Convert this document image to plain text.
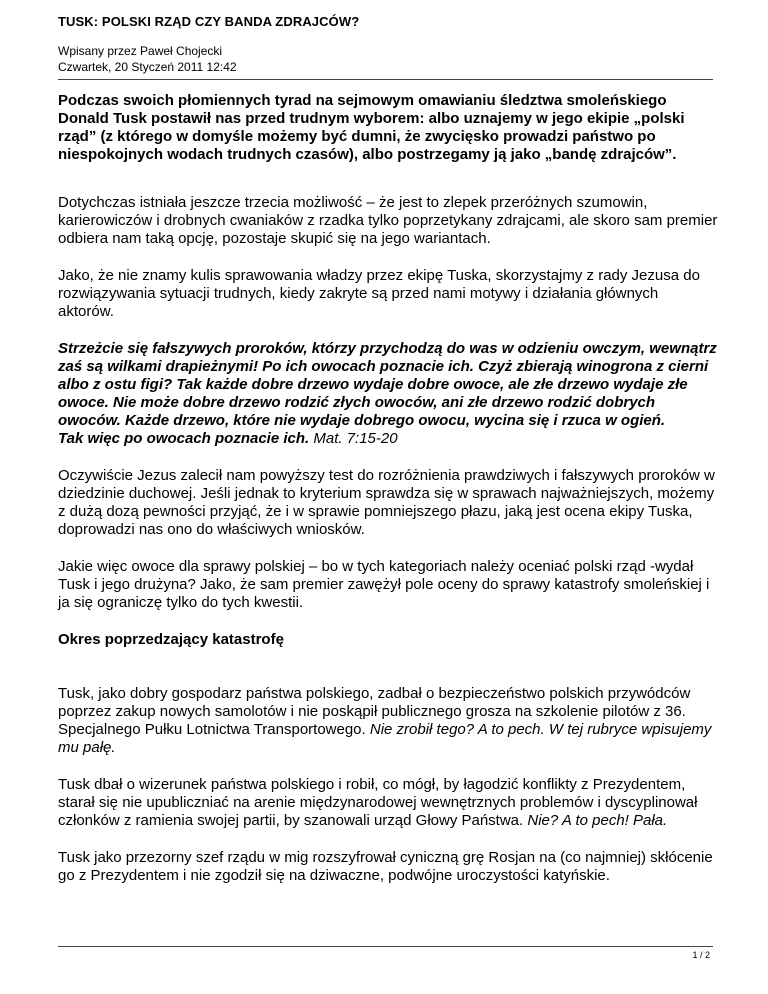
TUSK: POLSKI RZĄD CZY BANDA ZDRAJCÓW?
Wpisany przez Paweł Chojecki
Czwartek, 20 Styczeń 2011 12:42

Podczas swoich płomiennych tyrad na sejmowym omawianiu śledztwa smoleńskiego Donald Tusk postawił nas przed trudnym wyborem: albo uznajemy w jego ekipie „polski rząd” (z którego w domyśle możemy być dumni, że zwycięsko prowadzi państwo po niespokojnych wodach trudnych czasów), albo postrzegamy ją jako „bandę zdrajców”.

Dotychczas istniała jeszcze trzecia możliwość – że jest to zlepek przeróżnych szumowin, karierowiczów i drobnych cwaniaków z rzadka tylko poprzetykany zdrajcami, ale skoro sam premier odbiera nam taką opcję, pozostaje skupić się na jego wariantach.

Jako, że nie znamy kulis sprawowania władzy przez ekipę Tuska, skorzystajmy z rady Jezusa do rozwiązywania sytuacji trudnych, kiedy zakryte są przed nami motywy i działania głównych aktorów.

Strzeżcie się fałszywych proroków, którzy przychodzą do was w odzieniu owczym, wewnątrz zaś są wilkami drapieżnymi! Po ich owocach poznacie ich. Czyż zbierają winogrona z cierni albo z ostu figi? Tak każde dobre drzewo wydaje dobre owoce, ale złe drzewo wydaje złe owoce. Nie może dobre drzewo rodzić złych owoców, ani złe drzewo rodzić dobrych owoców. Każde drzewo, które nie wydaje dobrego owocu, wycina się i rzuca w ogień.
Tak więc po owocach poznacie ich. Mat. 7:15-20

Oczywiście Jezus zalecił nam powyższy test do rozróżnienia prawdziwych i fałszywych proroków w dziedzinie duchowej. Jeśli jednak to kryterium sprawdza się w sprawach najważniejszych, możemy z dużą dozą pewności przyjąć, że i w sprawie pomniejszego płazu, jaką jest ocena ekipy Tuska, doprowadzi nas ono do właściwych wniosków.

Jakie więc owoce dla sprawy polskiej – bo w tych kategoriach należy oceniać polski rząd -wydał Tusk i jego drużyna? Jako, że sam premier zawężył pole oceny do sprawy katastrofy smoleńskiej i ja się ograniczę tylko do tych kwestii.

Okres poprzedzający katastrofę

Tusk, jako dobry gospodarz państwa polskiego, zadbał o bezpieczeństwo polskich przywódców poprzez zakup nowych samolotów i nie poskąpił publicznego grosza na szkolenie pilotów z 36. Specjalnego Pułku Lotnictwa Transportowego. Nie zrobił tego? A to pech. W tej rubryce wpisujemy mu pałę.

Tusk dbał o wizerunek państwa polskiego i robił, co mógł, by łagodzić konflikty z Prezydentem, starał się nie upubliczniać na arenie międzynarodowej wewnętrznych problemów i dyscyplinował członków z ramienia swojej partii, by szanowali urząd Głowy Państwa. Nie? A to pech! Pała.

Tusk jako przezorny szef rządu w mig rozszyfrował cyniczną grę Rosjan na (co najmniej) skłócenie go z Prezydentem i nie zgodził się na dziwaczne, podwójne uroczystości katyńskie.

1 / 2
